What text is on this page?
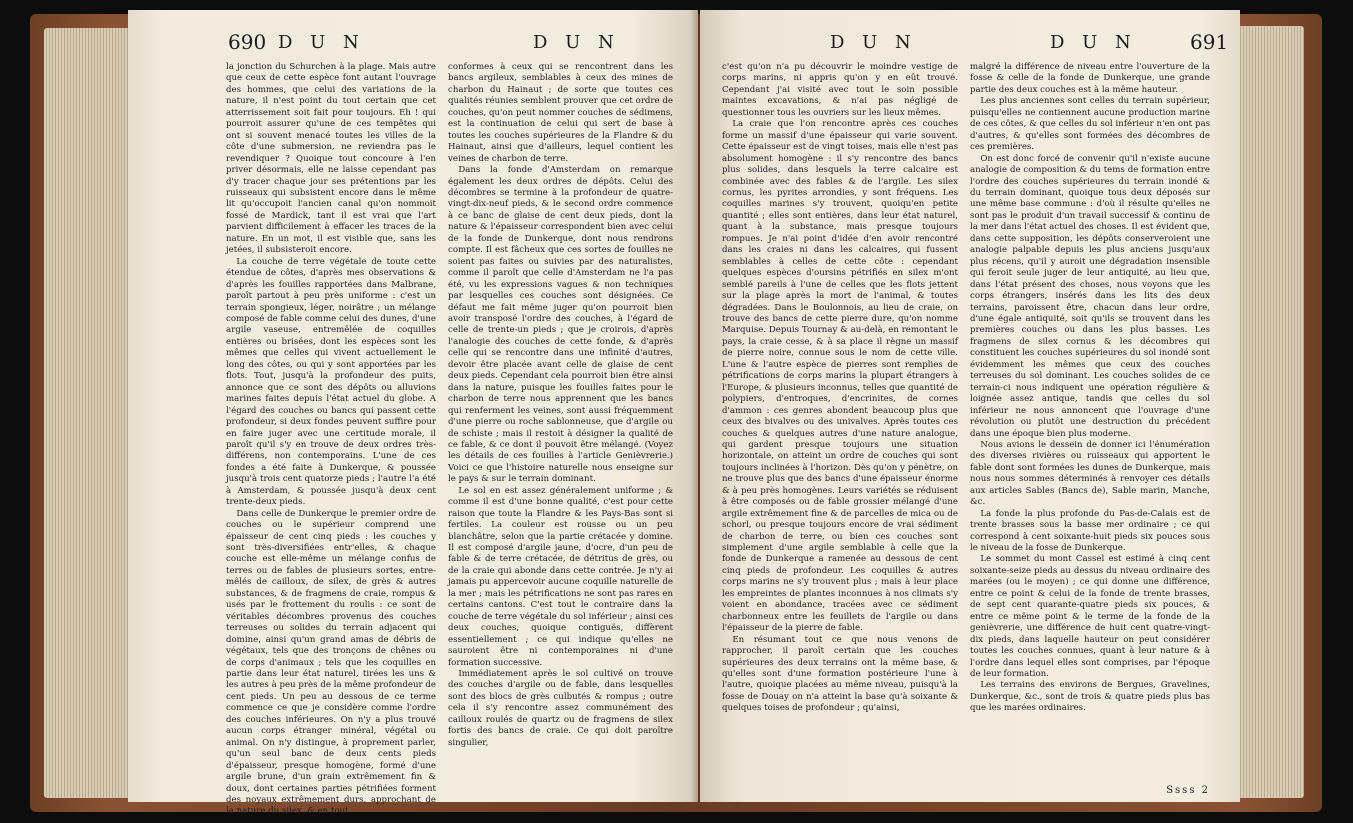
690 D U N	D U N

la jonction du Schurchen à la plage. Mais autre que ceux de cette espèce font autant l'ouvrage des hommes, que celui des variations de la nature, il n'est point du tout certain que cet atterrissement soit fait pour toujours. Eh ! qui pourroit assurer qu'une de ces tempêtes qui ont si souvent menacé toutes les villes de la côte d'une submersion, ne reviendra pas le revendiquer ? Quoique tout concoure à l'en priver désormais, elle ne laisse cependant pas d'y tracer chaque jour ses prétentions par les ruisseaux qui subsistent encore dans le même lit qu'occupoit l'ancien canal qu'on nommoit fossé de Mardick, tant il est vrai que l'art parvient difficilement à effacer les traces de la nature. En un mot, il est visible que, sans les jetées, il subsisteroit encore.

La couche de terre végétale de toute cette étendue de côtes, d'après mes observations & d'après les fouilles rapportées dans Malbrane, paroît partout à peu près uniforme : c'est un terrain spongieux, léger, noirâtre ; un mélange composé de fable comme celui des dunes, d'une argile vaseuse, entremêlée de coquilles entières ou brisées, dont les espèces sont les mêmes que celles qui vivent actuellement le long des côtes, ou qui y sont apportées par les flots. Tout, jusqu'à la profondeur des puits, annonce que ce sont des dépôts ou alluvions marines faites depuis l'état actuel du globe. A l'égard des couches ou bancs qui passent cette profondeur, si deux fondes peuvent suffire pour en faire juger avec une certitude morale, il paroît qu'il s'y en trouve de deux ordres très-différens, non contemporains. L'une de ces fondes a été faite à Dunkerque, & poussée jusqu'à trois cent quatorze pieds ; l'autre l'a été à Amsterdam, & poussée jusqu'à deux cent trente-deux pieds.

Dans celle de Dunkerque le premier ordre de couches ou le supérieur comprend une épaisseur de cent cinq pieds : les couches y sont très-diversifiées entr'elles, & chaque couche est elle-même un mélange confus de terres ou de fables de plusieurs sortes, entre-mêlés de cailloux, de silex, de grès & autres substances, & de fragmens de craie, rompus & usés par le frottement du roulis : ce sont de véritables décombres provenus des couches terreuses ou solides du terrain adjacent qui domine, ainsi qu'un grand amas de débris de végétaux, tels que des tronçons de chênes ou de corps d'animaux ; tels que les coquilles en partie dans leur état naturel, tirées les uns & les autres à peu près de la même profondeur de cent pieds. Un peu au dessous de ce terme commence ce que je considère comme l'ordre des couches inférieures. On n'y a plus trouvé aucun corps étranger minéral, végétal ou animal. On n'y distingue, à proprement parler, qu'un seul banc de deux cents pieds d'épaisseur, presque homogène, formé d'une argile brune, d'un grain extrêmement fin & doux, dont certaines parties pétrifiées forment des noyaux extrêmement durs, approchant de la nature du silex, & en tout

conformes à ceux qui se rencontrent dans les bancs argileux, semblables à ceux des mines de charbon du Hainaut ; de sorte que toutes ces qualités réunies semblent prouver que cet ordre de couches, qu'on peut nommer couches de sédimens, est la continuation de celui qui sert de base à toutes les couches supérieures de la Flandre & du Hainaut, ainsi que d'ailleurs, lequel contient les veines de charbon de terre.

Dans la fonde d'Amsterdam on remarque également les deux ordres de dépôts. Celui des décombres se termine à la profondeur de quatre-vingt-dix-neuf pieds, & le second ordre commence à ce banc de glaise de cent deux pieds, dont la nature & l'épaisseur correspondent bien avec celui de la fonde de Dunkerque, dont nous rendrons compte. Il est fâcheux que ces sortes de fouilles ne soient pas faites ou suivies par des naturalistes, comme il paroît que celle d'Amsterdam ne l'a pas été, vu les expressions vagues & non techniques par lesquelles ces couches sont désignées. Ce défaut me fait même juger qu'on pourroit bien avoir transposé l'ordre des couches, à l'égard de celle de trente-un pieds ; que je croirois, d'après l'analogie des couches de cette fonde, & d'après celle qui se rencontre dans une infinité d'autres, devoir être placée avant celle de glaise de cent deux pieds. Cependant cela pourroit bien être ainsi dans la nature, puisque les fouilles faites pour le charbon de terre nous apprennent que les bancs qui renferment les veines, sont aussi fréquemment d'une pierre ou roche sablonneuse, que d'argile ou de schiste ; mais il restoit à désigner la qualité de ce fable, & ce dont il pouvoit être mélangé. (Voyez les détails de ces fouilles à l'article Genièvrerie.) Voici ce que l'histoire naturelle nous enseigne sur le pays & sur le terrain dominant.

Le sol en est assez généralement uniforme ; & comme il est d'une bonne qualité, c'est pour cette raison que toute la Flandre & les Pays-Bas sont si fertiles. La couleur est rousse ou un peu blanchâtre, selon que la partie crétacée y domine. Il est composé d'argile jaune, d'ocre, d'un peu de fable & de terre crétacée, de détritus de grès, ou de la craie qui abonde dans cette contrée. Je n'y ai jamais pu appercevoir aucune coquille naturelle de la mer ; mais les pétrifications ne sont pas rares en certains cantons. C'est tout le contraire dans la couche de terre végétale du sol inférieur ; ainsi ces deux couches, quoique contiguës, diffèrent essentiellement ; ce qui indique qu'elles ne sauroient être ni contemporaines ni d'une formation successive.

Immédiatement après le sol cultivé on trouve des couches d'argile ou de fable, dans lesquelles sont des blocs de grès culbutés & rompus ; outre cela il s'y rencontre assez communément des cailloux roulés de quartz ou de fragmens de silex fortis des bancs de craie. Ce qui doit paroître singulier,

D U N	D U N	691

c'est qu'on n'a pu découvrir le moindre vestige de corps marins, ni appris qu'on y en eût trouvé. Cependant j'ai visité avec tout le soin possible maintes excavations, & n'ai pas négligé de questionner tous les ouvriers sur les lieux mêmes.

La craie que l'on rencontre après ces couches forme un massif d'une épaisseur qui varie souvent. Cette épaisseur est de vingt toises, mais elle n'est pas absolument homogène : il s'y rencontre des bancs plus solides, dans lesquels la terre calcaire est combinée avec des fables & de l'argile. Les silex cornus, les pyrites arrondies, y sont fréquens. Les coquilles marines s'y trouvent, quoiqu'en petite quantité ; elles sont entières, dans leur état naturel, quant à la substance, mais presque toujours rompues. Je n'ai point d'idée d'en avoir rencontré dans les craies ni dans les calcaires, qui fussent semblables à celles de cette côte : cependant quelques espèces d'oursins pétrifiés en silex m'ont semblé pareils à l'une de celles que les flots jettent sur la plage après la mort de l'animal, & toutes dégradées. Dans le Boulonnois, au lieu de craie, on trouve des bancs de cette pierre dure, qu'on nomme Marquise. Depuis Tournay & au-delà, en remontant le pays, la craie cesse, & à sa place il règne un massif de pierre noire, connue sous le nom de cette ville. L'une & l'autre espèce de pierres sont remplies de pétrifications de corps marins la plupart étrangers à l'Europe, & plusieurs inconnus, telles que quantité de polypiers, d'entroques, d'encrinites, de cornes d'ammon : ces genres abondent beaucoup plus que ceux des bivalves ou des univalves. Après toutes ces couches & quelques autres d'une nature analogue, qui gardent presque toujours une situation horizontale, on atteint un ordre de couches qui sont toujours inclinées à l'horizon. Dès qu'on y pénètre, on ne trouve plus que des bancs d'une épaisseur énorme & à peu près homogènes. Leurs variétés se réduisent à être composés ou de fable grossier mélangé d'une argile extrêmement fine & de parcelles de mica ou de schorl, ou presque toujours encore de vrai sédiment de charbon de terre, ou bien ces couches sont simplement d'une argile semblable à celle que la fonde de Dunkerque a ramenée au dessous de cent cinq pieds de profondeur. Les coquilles & autres corps marins ne s'y trouvent plus ; mais à leur place les empreintes de plantes inconnues à nos climats s'y voient en abondance, tracées avec ce sédiment charbonneux entre les feuillets de l'argile ou dans l'épaisseur de la pierre de fable.

En résumant tout ce que nous venons de rapprocher, il paroît certain que les couches supérieures des deux terrains ont la même base, & qu'elles sont d'une formation postérieure l'une à l'autre, quoique placées au même niveau, puisqu'à la fosse de Douay on n'a atteint la base qu'à soixante & quelques toises de profondeur ; qu'ainsi,

malgré la différence de niveau entre l'ouverture de la fosse & celle de la fonde de Dunkerque, une grande partie des deux couches est à la même hauteur.

Les plus anciennes sont celles du terrain supérieur, puisqu'elles ne contiennent aucune production marine de ces côtes, & que celles du sol inférieur n'en ont pas d'autres, & qu'elles sont formées des décombres de ces premières.

On est donc forcé de convenir qu'il n'existe aucune analogie de composition & du tems de formation entre l'ordre des couches supérieures du terrain inondé & du terrain dominant, quoique tous deux déposés sur une même base commune : d'où il résulte qu'elles ne sont pas le produit d'un travail successif & continu de la mer dans l'état actuel des choses. Il est évident que, dans cette supposition, les dépôts conserveroient une analogie palpable depuis les plus anciens jusqu'aux plus récens, qu'il y auroit une dégradation insensible qui feroit seule juger de leur antiquité, au lieu que, dans l'état présent des choses, nous voyons que les corps étrangers, insérés dans les lits des deux terrains, paroissent être, chacun dans leur ordre, d'une égale antiquité, soit qu'ils se trouvent dans les premières couches ou dans les plus basses. Les fragmens de silex cornus & les décombres qui constituent les couches supérieures du sol inondé sont évidemment les mêmes que ceux des couches terreuses du sol dominant. Les couches solides de ce terrain-ci nous indiquent une opération régulière & loignée assez antique, tandis que celles du sol inférieur ne nous annoncent que l'ouvrage d'une révolution ou plutôt une destruction du précédent dans une époque bien plus moderne.

Nous avions le dessein de donner ici l'énumération des diverses rivières ou ruisseaux qui apportent le fable dont sont formées les dunes de Dunkerque, mais nous nous sommes déterminés à renvoyer ces détails aux articles Sables (Bancs de), Sable marin, Manche, &c.

La fonde la plus profonde du Pas-de-Calais est de trente brasses sous la basse mer ordinaire ; ce qui correspond à cent soixante-huit pieds six pouces sous le niveau de la fosse de Dunkerque.

Le sommet du mont Cassel est estimé à cinq cent soixante-seize pieds au dessus du niveau ordinaire des marées (ou le moyen) ; ce qui donne une différence, entre ce point & celui de la fonde de trente brasses, de sept cent quarante-quatre pieds six pouces, & entre ce même point & le terme de la fonde de la genièvrerie, une différence de huit cent quatre-vingt-dix pieds, dans laquelle hauteur on peut considérer toutes les couches connues, quant à leur nature & à l'ordre dans lequel elles sont comprises, par l'époque de leur formation.

Les terrains des environs de Bergues, Gravelines, Dunkerque, &c., sont de trois & quatre pieds plus bas que les marées ordinaires.

Ssss 2
